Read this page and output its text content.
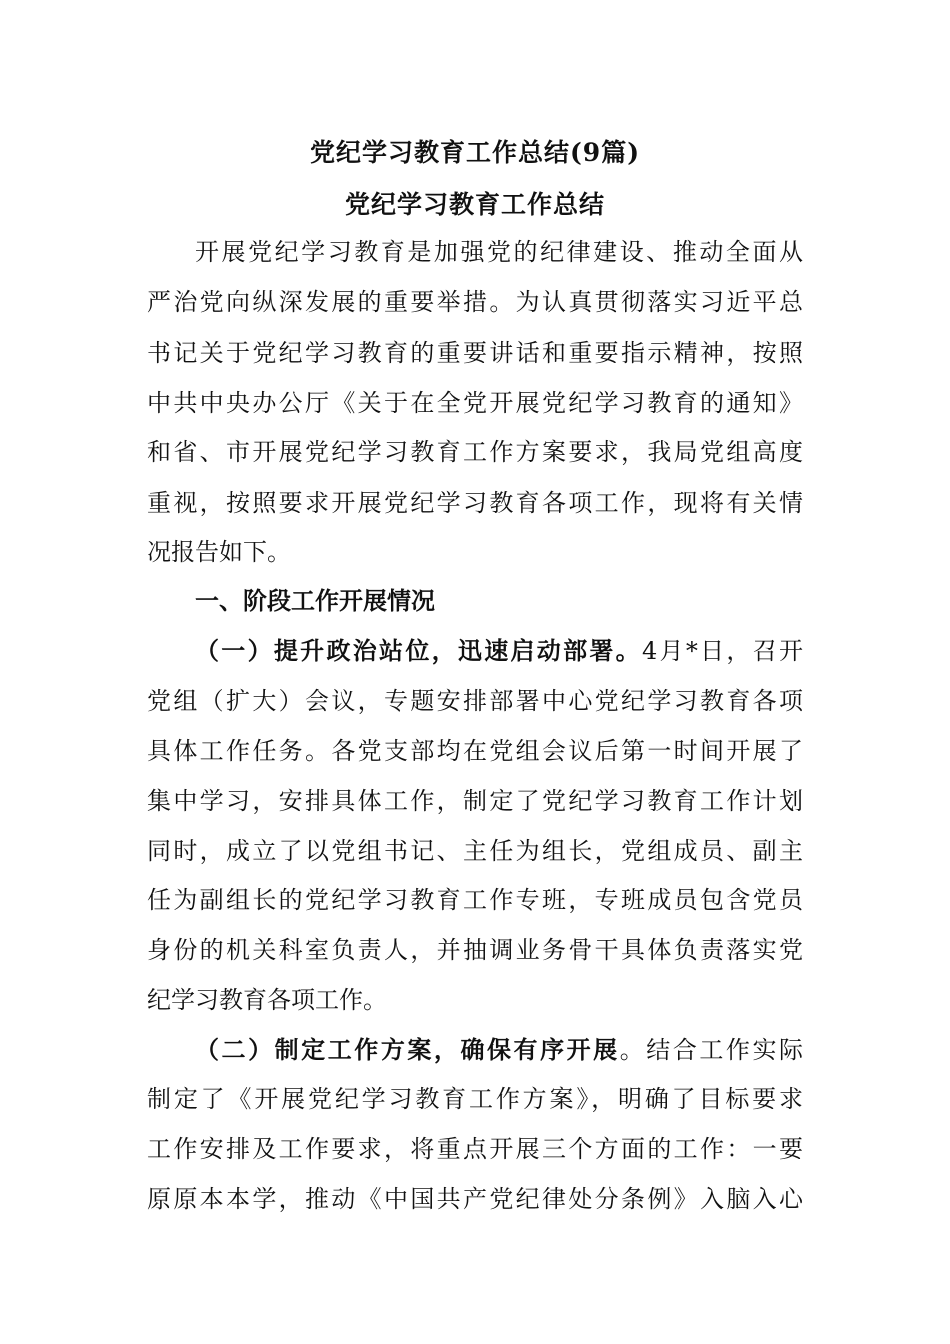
党纪学习教育工作总结(9篇)
党纪学习教育工作总结
开展党纪学习教育是加强党的纪律建设、推动全面从
严治党向纵深发展的重要举措。为认真贯彻落实习近平总
书记关于党纪学习教育的重要讲话和重要指示精神，按照
中共中央办公厅《关于在全党开展党纪学习教育的通知》
和省、市开展党纪学习教育工作方案要求，我局党组高度
重视，按照要求开展党纪学习教育各项工作，现将有关情
况报告如下。
一、阶段工作开展情况
（一）提升政治站位，迅速启动部署。4月*日，召开
党组（扩大）会议，专题安排部署中心党纪学习教育各项
具体工作任务。各党支部均在党组会议后第一时间开展了
集中学习，安排具体工作，制定了党纪学习教育工作计划
同时，成立了以党组书记、主任为组长，党组成员、副主
任为副组长的党纪学习教育工作专班，专班成员包含党员
身份的机关科室负责人，并抽调业务骨干具体负责落实党
纪学习教育各项工作。
（二）制定工作方案，确保有序开展。结合工作实际
制定了《开展党纪学习教育工作方案》，明确了目标要求
工作安排及工作要求，将重点开展三个方面的工作：一要
原原本本学，推动《中国共产党纪律处分条例》入脑入心
